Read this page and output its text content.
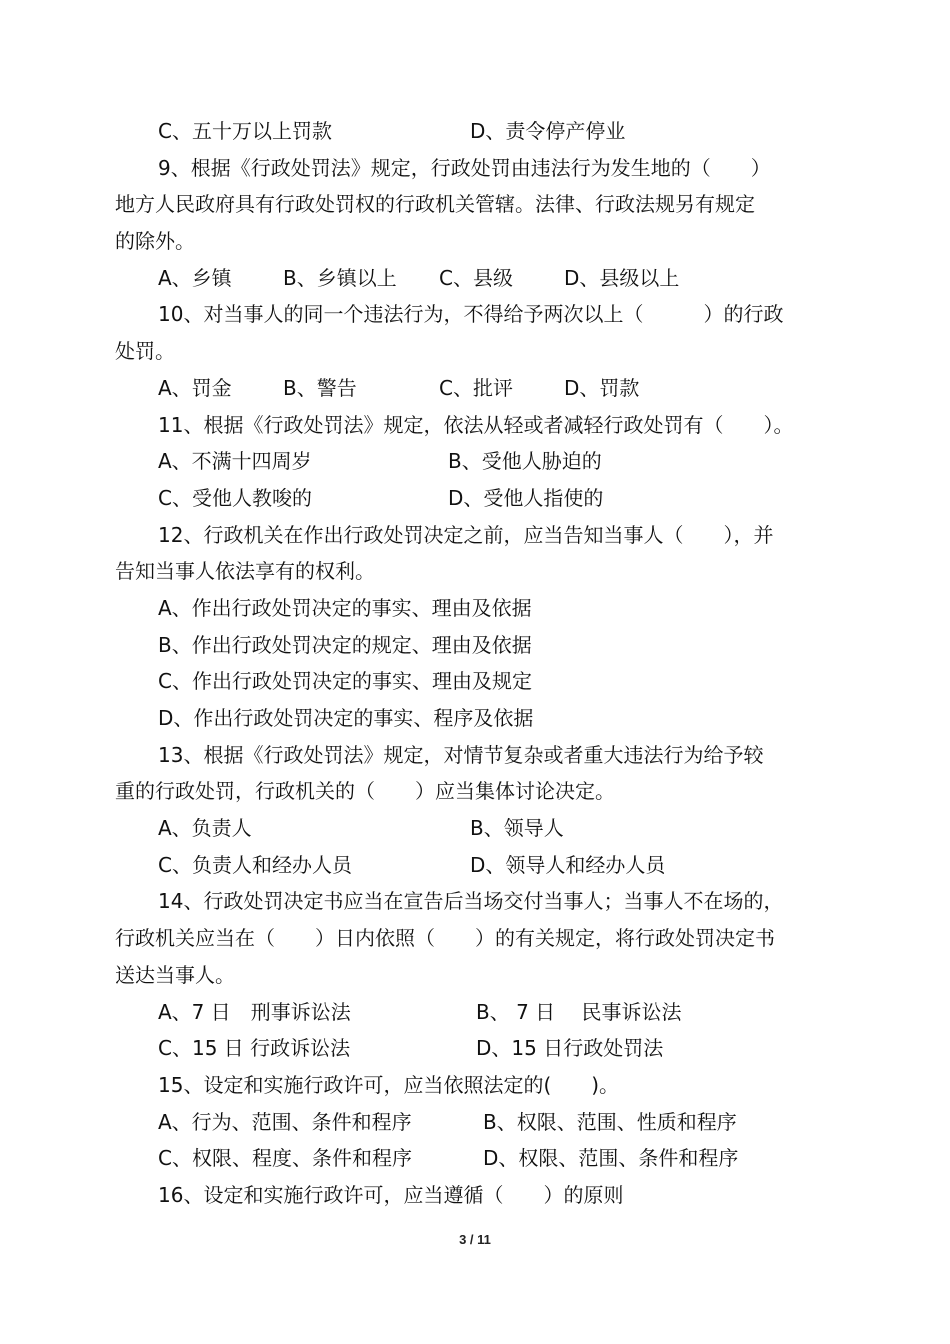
C、五十万以上罚款	D、责令停产停业
9、根据《行政处罚法》规定，行政处罚由违法行为发生地的（　　）
地方人民政府具有行政处罚权的行政机关管辖。法律、行政法规另有规定
的除外。
A、乡镇	B、乡镇以上 C、县级	D、县级以上
10、对当事人的同一个违法行为，不得给予两次以上（　　　）的行政
处罚。
A、罚金	B、警告	C、批评	D、罚款
11、根据《行政处罚法》规定，依法从轻或者减轻行政处罚有（　　）。
A、不满十四周岁	B、受他人胁迫的
C、受他人教唆的	D、受他人指使的
12、行政机关在作出行政处罚决定之前，应当告知当事人（　　），并
告知当事人依法享有的权利。
A、作出行政处罚决定的事实、理由及依据
B、作出行政处罚决定的规定、理由及依据
C、作出行政处罚决定的事实、理由及规定
D、作出行政处罚决定的事实、程序及依据
13、根据《行政处罚法》规定，对情节复杂或者重大违法行为给予较
重的行政处罚，行政机关的（　　）应当集体讨论决定。
A、负责人	B、领导人
C、负责人和经办人员	D、领导人和经办人员
14、行政处罚决定书应当在宣告后当场交付当事人；当事人不在场的，
行政机关应当在（　　）日内依照（　　）的有关规定，将行政处罚决定书
送达当事人。
A、7 日　刑事诉讼法	B、 7 日　 民事诉讼法
C、15 日 行政诉讼法	D、15 日行政处罚法
15、设定和实施行政许可，应当依照法定的(　　)。
A、行为、范围、条件和程序	B、权限、范围、性质和程序
C、权限、程度、条件和程序	D、权限、范围、条件和程序
16、设定和实施行政许可，应当遵循（　　）的原则
3 / 11
